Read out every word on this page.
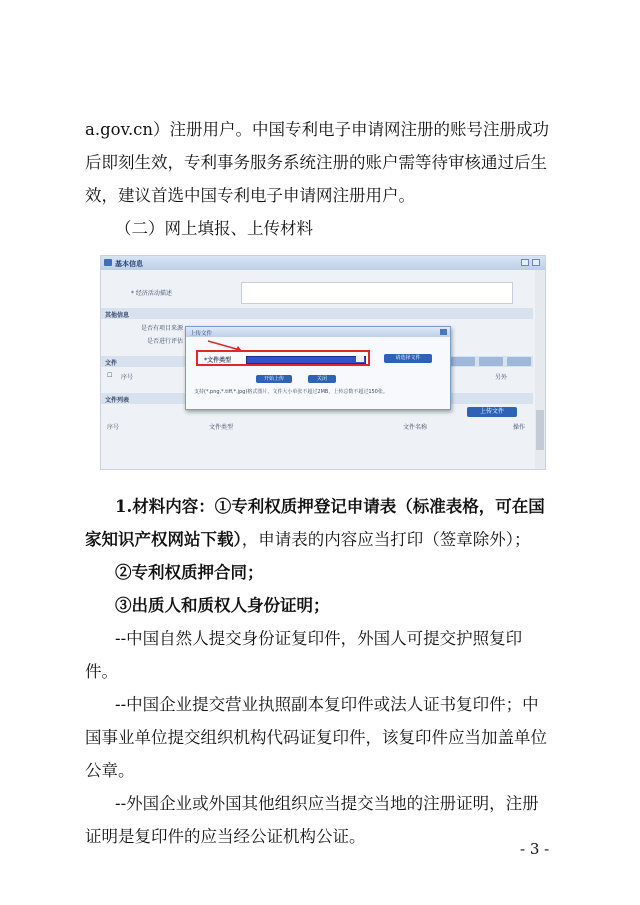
a.gov.cn）注册用户。中国专利电子申请网注册的账号注册成功
后即刻生效，专利事务服务系统注册的账户需等待审核通过后生
效，建议首选中国专利电子申请网注册用户。
（二）网上填报、上传材料
基本信息
* 经济活动描述
其他信息
是否有项目来源
是否进行评估
文件
☐ 序号	另外
文件列表
上传文件
序号	文件类型	文件名称	操作
上传文件
*文件类型	请选择文件
开始上传	关闭
支持(*.png,*.tiff,*.jpg)格式图片，文件大小单张不超过2MB，上传总数不超过150张。
1.材料内容：①专利权质押登记申请表（标准表格，可在国
家知识产权网站下载），申请表的内容应当打印（签章除外）；
②专利权质押合同；
③出质人和质权人身份证明；
--中国自然人提交身份证复印件，外国人可提交护照复印
件。
--中国企业提交营业执照副本复印件或法人证书复印件；中
国事业单位提交组织机构代码证复印件，该复印件应当加盖单位
公章。
--外国企业或外国其他组织应当提交当地的注册证明，注册
证明是复印件的应当经公证机构公证。
- 3 -
